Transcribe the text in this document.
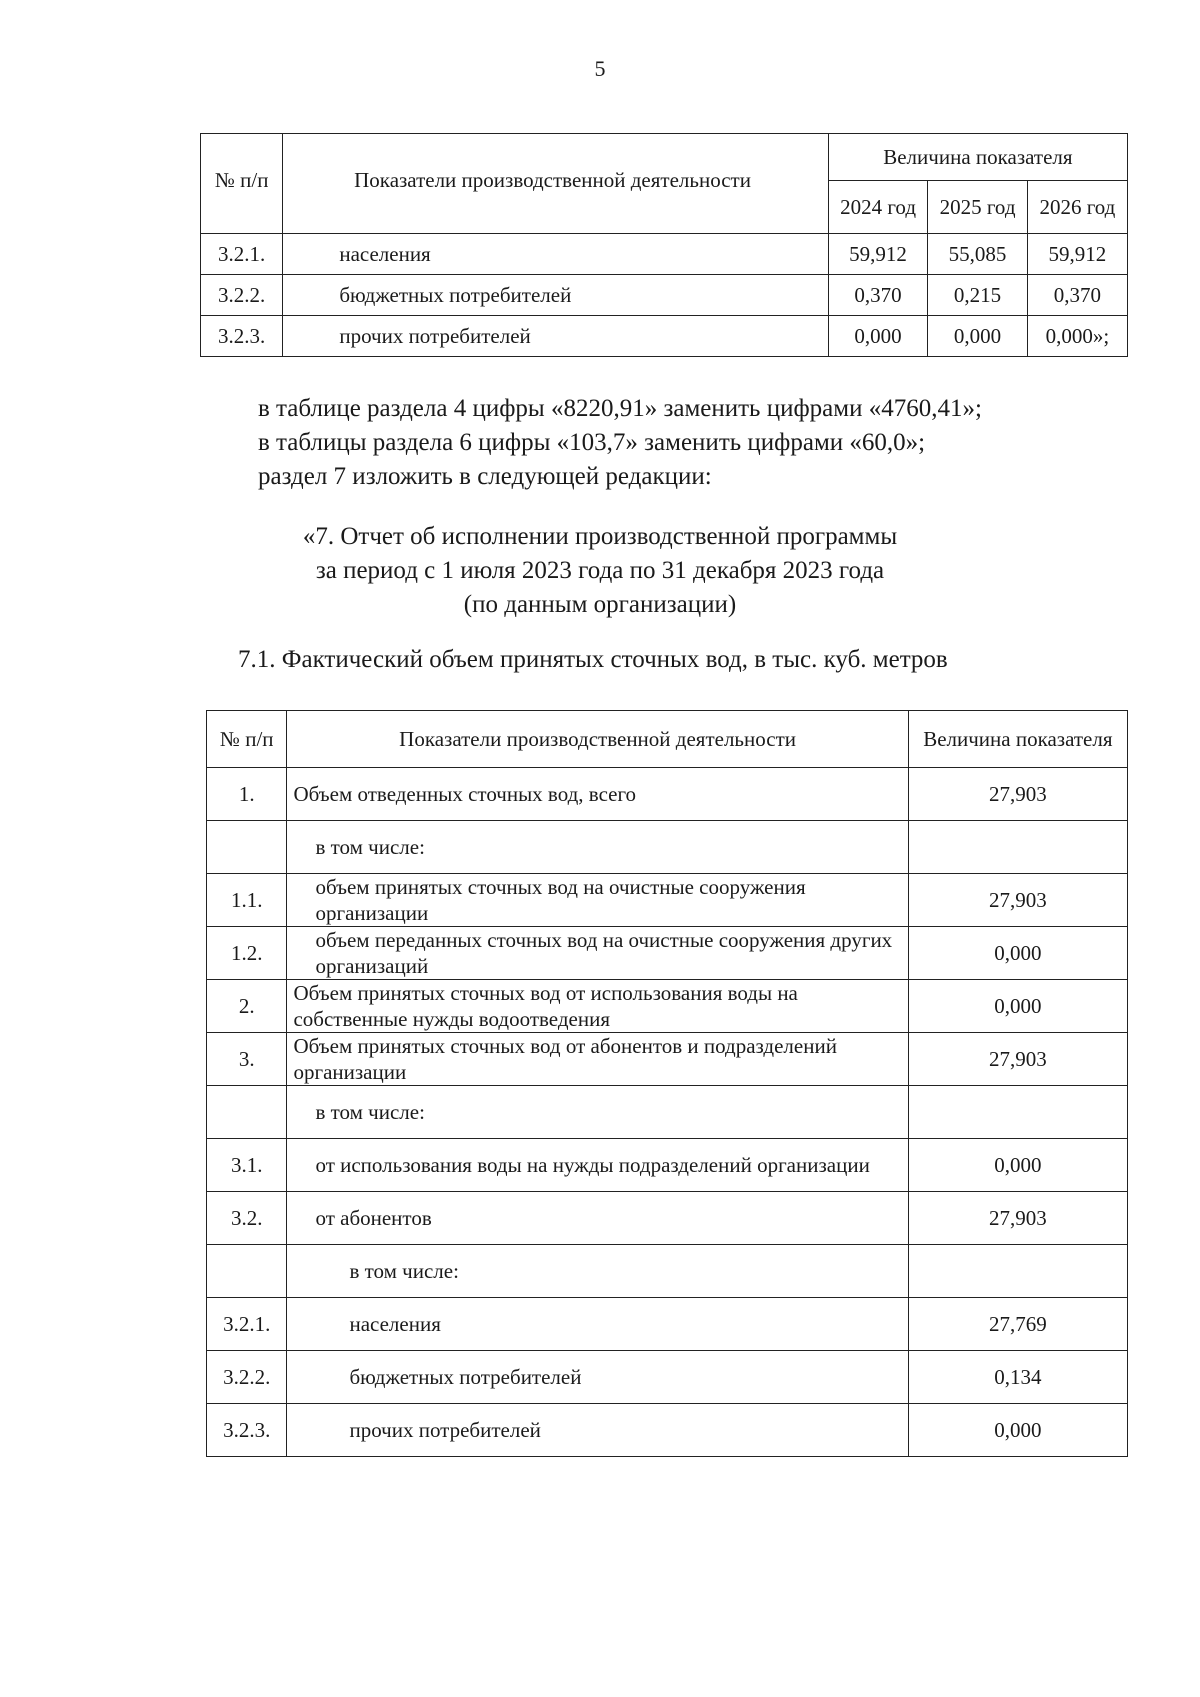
5
№ п/п	Показатели производственной деятельности	Величина показателя		
		2024 год	2025 год	2026 год
3.2.1.	населения	59,912	55,085	59,912
3.2.2.	бюджетных потребителей	0,370	0,215	0,370
3.2.3.	прочих потребителей	0,000	0,000	0,000»;

в таблице раздела 4 цифры «8220,91» заменить цифрами «4760,41»;

в таблицы раздела 6 цифры «103,7» заменить цифрами «60,0»;

раздел 7 изложить в следующей редакции:

«7. Отчет об исполнении производственной программы
за период с 1 июля 2023 года по 31 декабря 2023 года
(по данным организации)
7.1. Фактический объем принятых сточных вод, в тыс. куб. метров
№ п/п	Показатели производственной деятельности	Величина показателя
1.	Объем отведенных сточных вод, всего	27,903
	в том числе:	
1.1.	объем принятых сточных вод на очистные сооружения организации	27,903
1.2.	объем переданных сточных вод на очистные сооружения других организаций	0,000
2.	Объем принятых сточных вод от использования воды на собственные нужды водоотведения	0,000
3.	Объем принятых сточных вод от абонентов и подразделений организации	27,903
	в том числе:	
3.1.	от использования воды на нужды подразделений организации	0,000
3.2.	от абонентов	27,903
	в том числе:	
3.2.1.	населения	27,769
3.2.2.	бюджетных потребителей	0,134
3.2.3.	прочих потребителей	0,000
